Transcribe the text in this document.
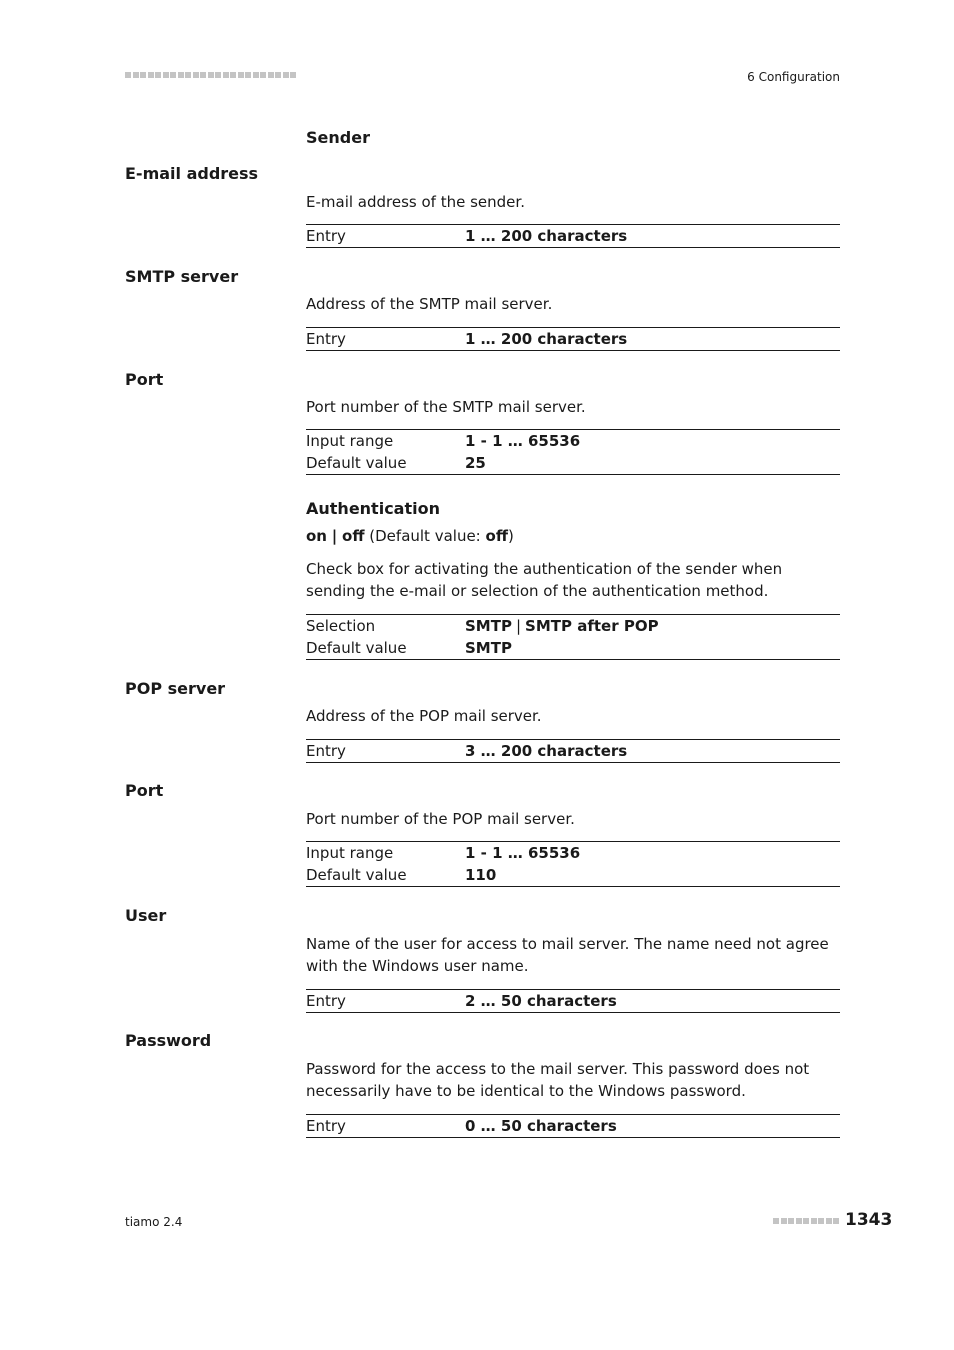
6 Configuration
Sender
E-mail address
E-mail address of the sender.
Entry	1 … 200 characters
SMTP server
Address of the SMTP mail server.
Entry	1 … 200 characters
Port
Port number of the SMTP mail server.
Input range	1 - 1 … 65536
Default value	25
Authentication
on | off (Default value: off)
Check box for activating the authentication of the sender when sending the e-mail or selection of the authentication method.
Selection	SMTP | SMTP after POP
Default value	SMTP
POP server
Address of the POP mail server.
Entry	3 … 200 characters
Port
Port number of the POP mail server.
Input range	1 - 1 … 65536
Default value	110
User
Name of the user for access to mail server. The name need not agree with the Windows user name.
Entry	2 … 50 characters
Password
Password for the access to the mail server. This password does not necessarily have to be identical to the Windows password.
Entry	0 … 50 characters
tiamo 2.4	1343
